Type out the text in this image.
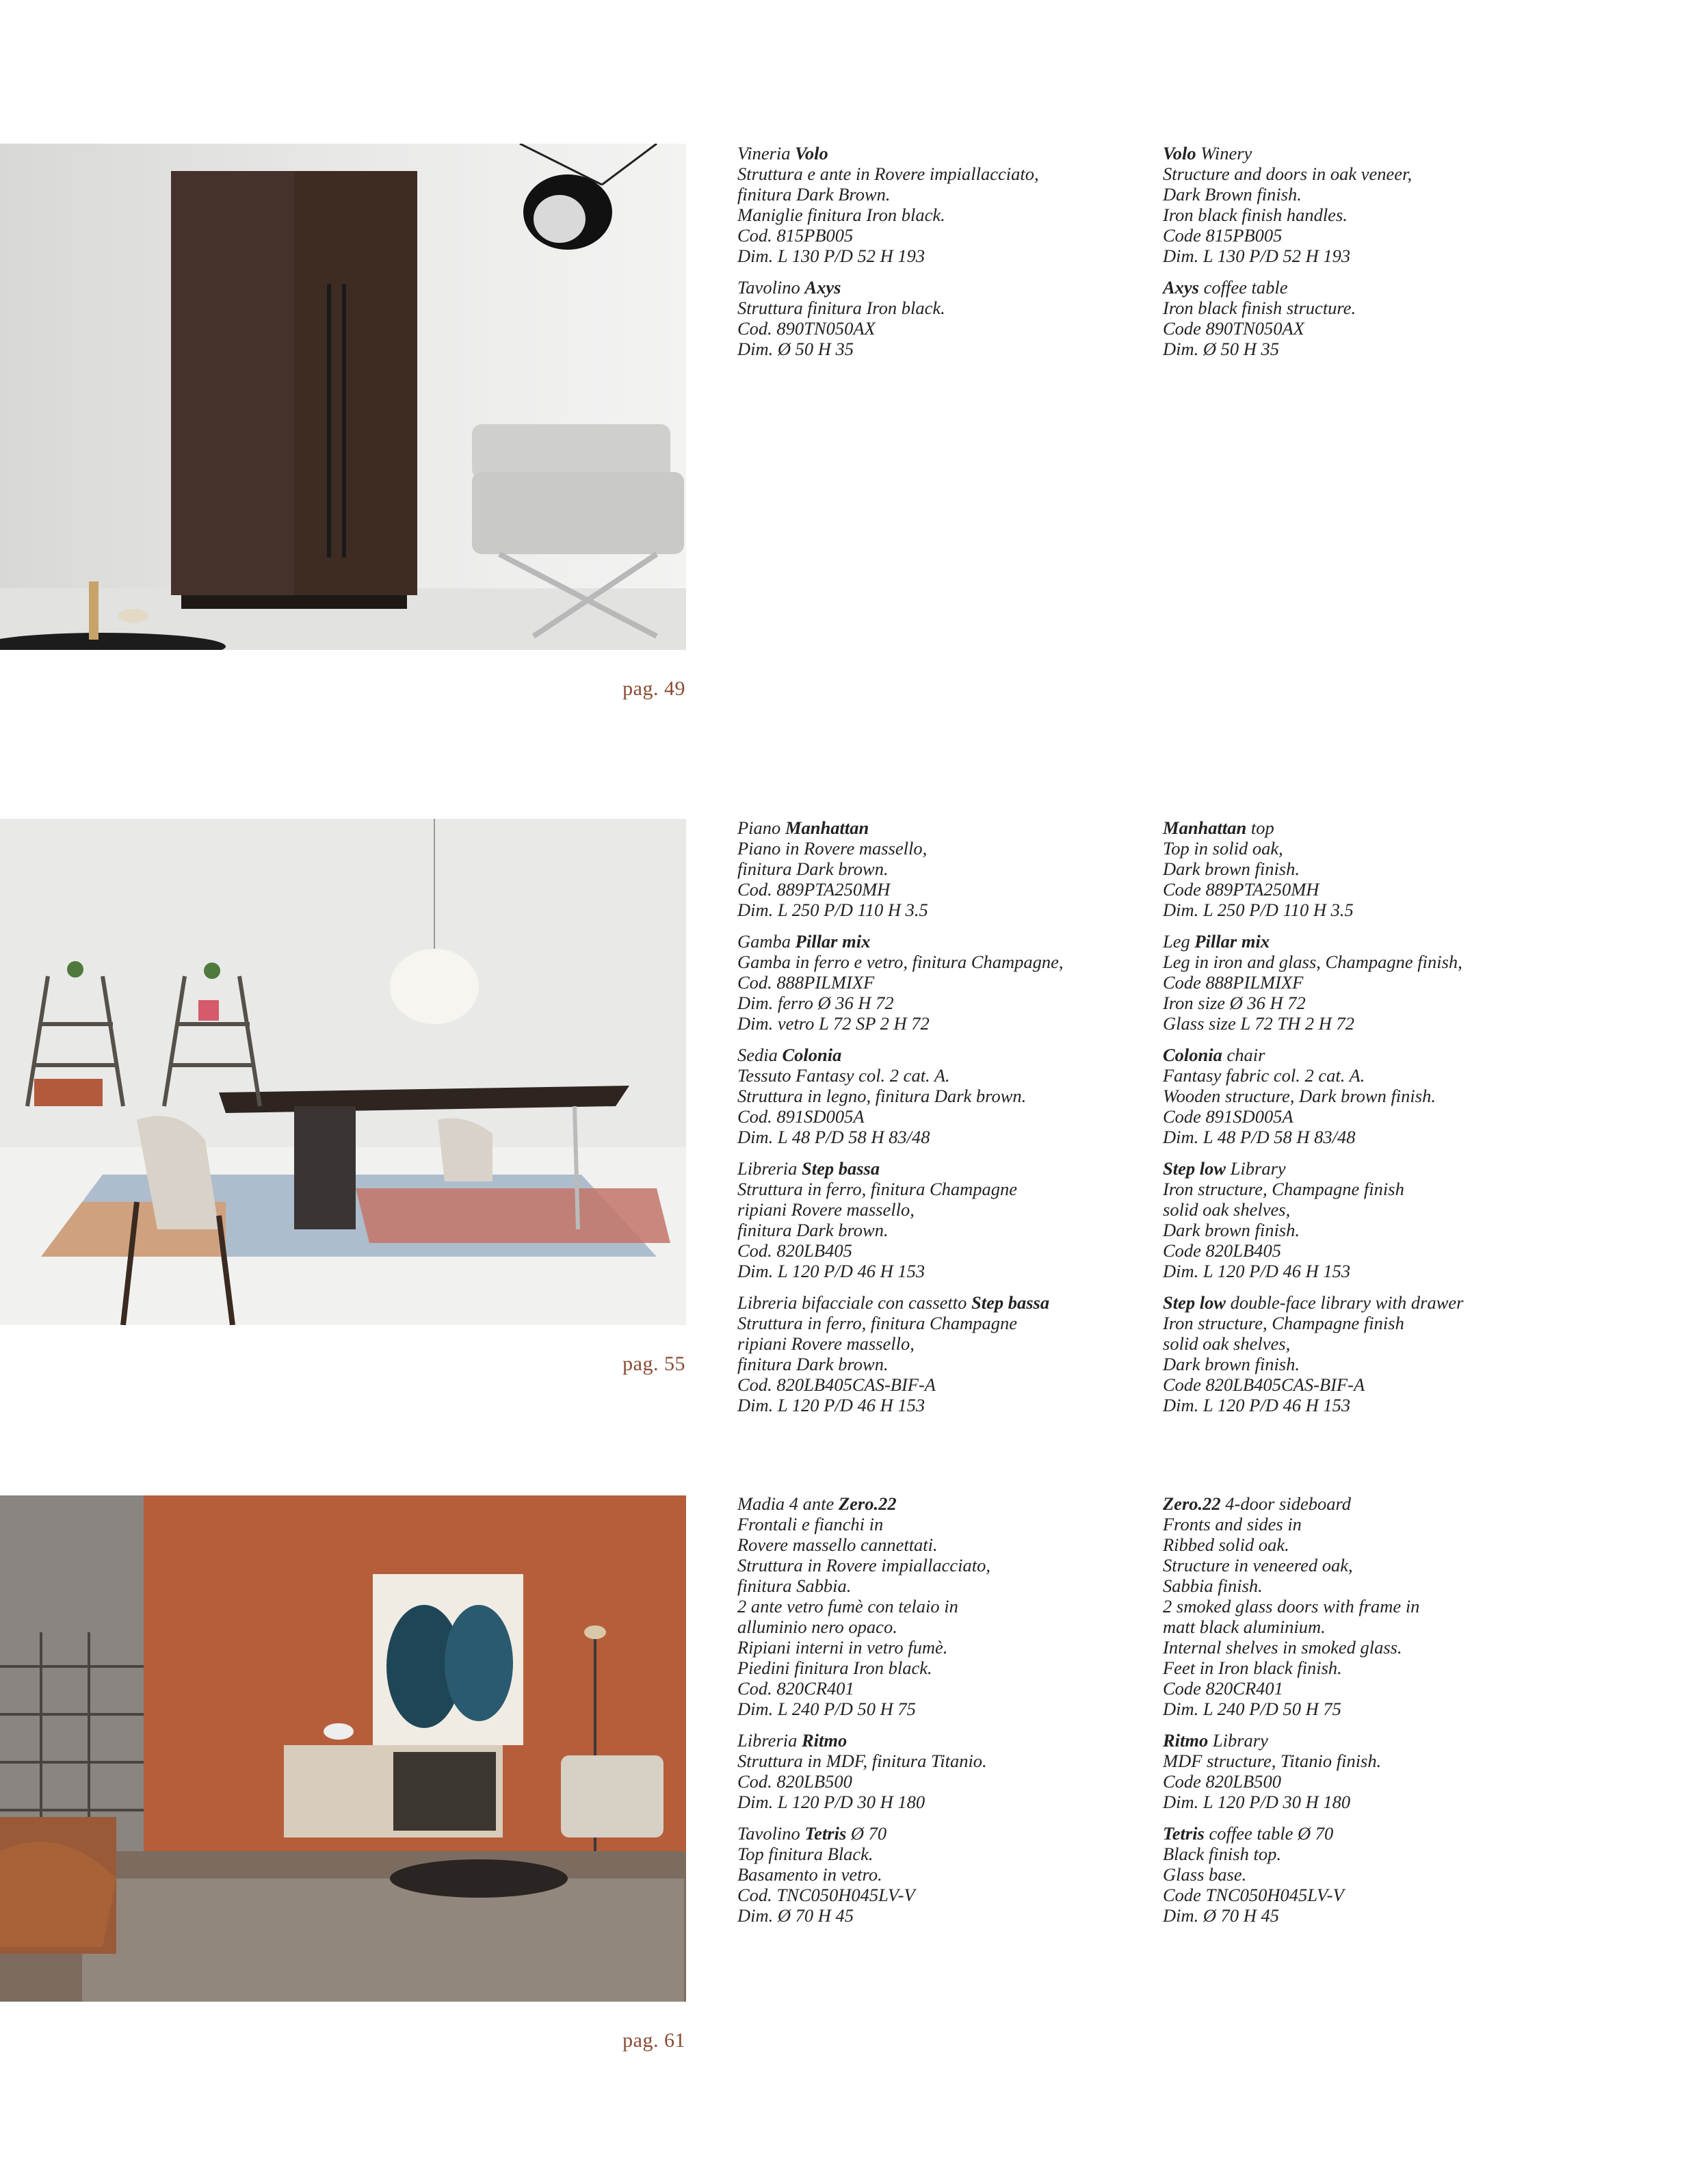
pag. 49
pag. 55
pag. 61
Vineria Volo
Struttura e ante in Rovere impiallacciato,
finitura Dark Brown.
Maniglie finitura Iron black.
Cod. 815PB005
Dim. L 130 P/D 52 H 193
Tavolino Axys
Struttura finitura Iron black.
Cod. 890TN050AX
Dim. Ø 50 H 35
Volo Winery
Structure and doors in oak veneer,
Dark Brown finish.
Iron black finish handles.
Code 815PB005
Dim. L 130 P/D 52 H 193
Axys coffee table
Iron black finish structure.
Code 890TN050AX
Dim. Ø 50 H 35
Piano Manhattan
Piano in Rovere massello,
finitura Dark brown.
Cod. 889PTA250MH
Dim. L 250 P/D 110 H 3.5
Gamba Pillar mix
Gamba in ferro e vetro, finitura Champagne,
Cod. 888PILMIXF
Dim. ferro Ø 36 H 72
Dim. vetro L 72 SP 2 H 72
Sedia Colonia
Tessuto Fantasy col. 2 cat. A.
Struttura in legno, finitura Dark brown.
Cod. 891SD005A
Dim. L 48 P/D 58 H 83/48
Libreria Step bassa
Struttura in ferro, finitura Champagne
ripiani Rovere massello,
finitura Dark brown.
Cod. 820LB405
Dim. L 120 P/D 46 H 153
Libreria bifacciale con cassetto Step bassa
Struttura in ferro, finitura Champagne
ripiani Rovere massello,
finitura Dark brown.
Cod. 820LB405CAS-BIF-A
Dim. L 120 P/D 46 H 153
Manhattan top
Top in solid oak,
Dark brown finish.
Code 889PTA250MH
Dim. L 250 P/D 110 H 3.5
Leg Pillar mix
Leg in iron and glass, Champagne finish,
Code 888PILMIXF
Iron size Ø 36 H 72
Glass size L 72 TH 2 H 72
Colonia chair
Fantasy fabric col. 2 cat. A.
Wooden structure, Dark brown finish.
Code 891SD005A
Dim. L 48 P/D 58 H 83/48
Step low Library
Iron structure, Champagne finish
solid oak shelves,
Dark brown finish.
Code 820LB405
Dim. L 120 P/D 46 H 153
Step low double-face library with drawer
Iron structure, Champagne finish
solid oak shelves,
Dark brown finish.
Code 820LB405CAS-BIF-A
Dim. L 120 P/D 46 H 153
Madia 4 ante Zero.22
Frontali e fianchi in
Rovere massello cannettati.
Struttura in Rovere impiallacciato,
finitura Sabbia.
2 ante vetro fumè con telaio in
alluminio nero opaco.
Ripiani interni in vetro fumè.
Piedini finitura Iron black.
Cod. 820CR401
Dim. L 240 P/D 50 H 75
Libreria Ritmo
Struttura in MDF, finitura Titanio.
Cod. 820LB500
Dim. L 120 P/D 30 H 180
Tavolino Tetris Ø 70
Top finitura Black.
Basamento in vetro.
Cod. TNC050H045LV-V
Dim. Ø 70 H 45
Zero.22 4-door sideboard
Fronts and sides in
Ribbed solid oak.
Structure in veneered oak,
Sabbia finish.
2 smoked glass doors with frame in
matt black aluminium.
Internal shelves in smoked glass.
Feet in Iron black finish.
Code 820CR401
Dim. L 240 P/D 50 H 75
Ritmo Library
MDF structure, Titanio finish.
Code 820LB500
Dim. L 120 P/D 30 H 180
Tetris coffee table Ø 70
Black finish top.
Glass base.
Code TNC050H045LV-V
Dim. Ø 70 H 45
